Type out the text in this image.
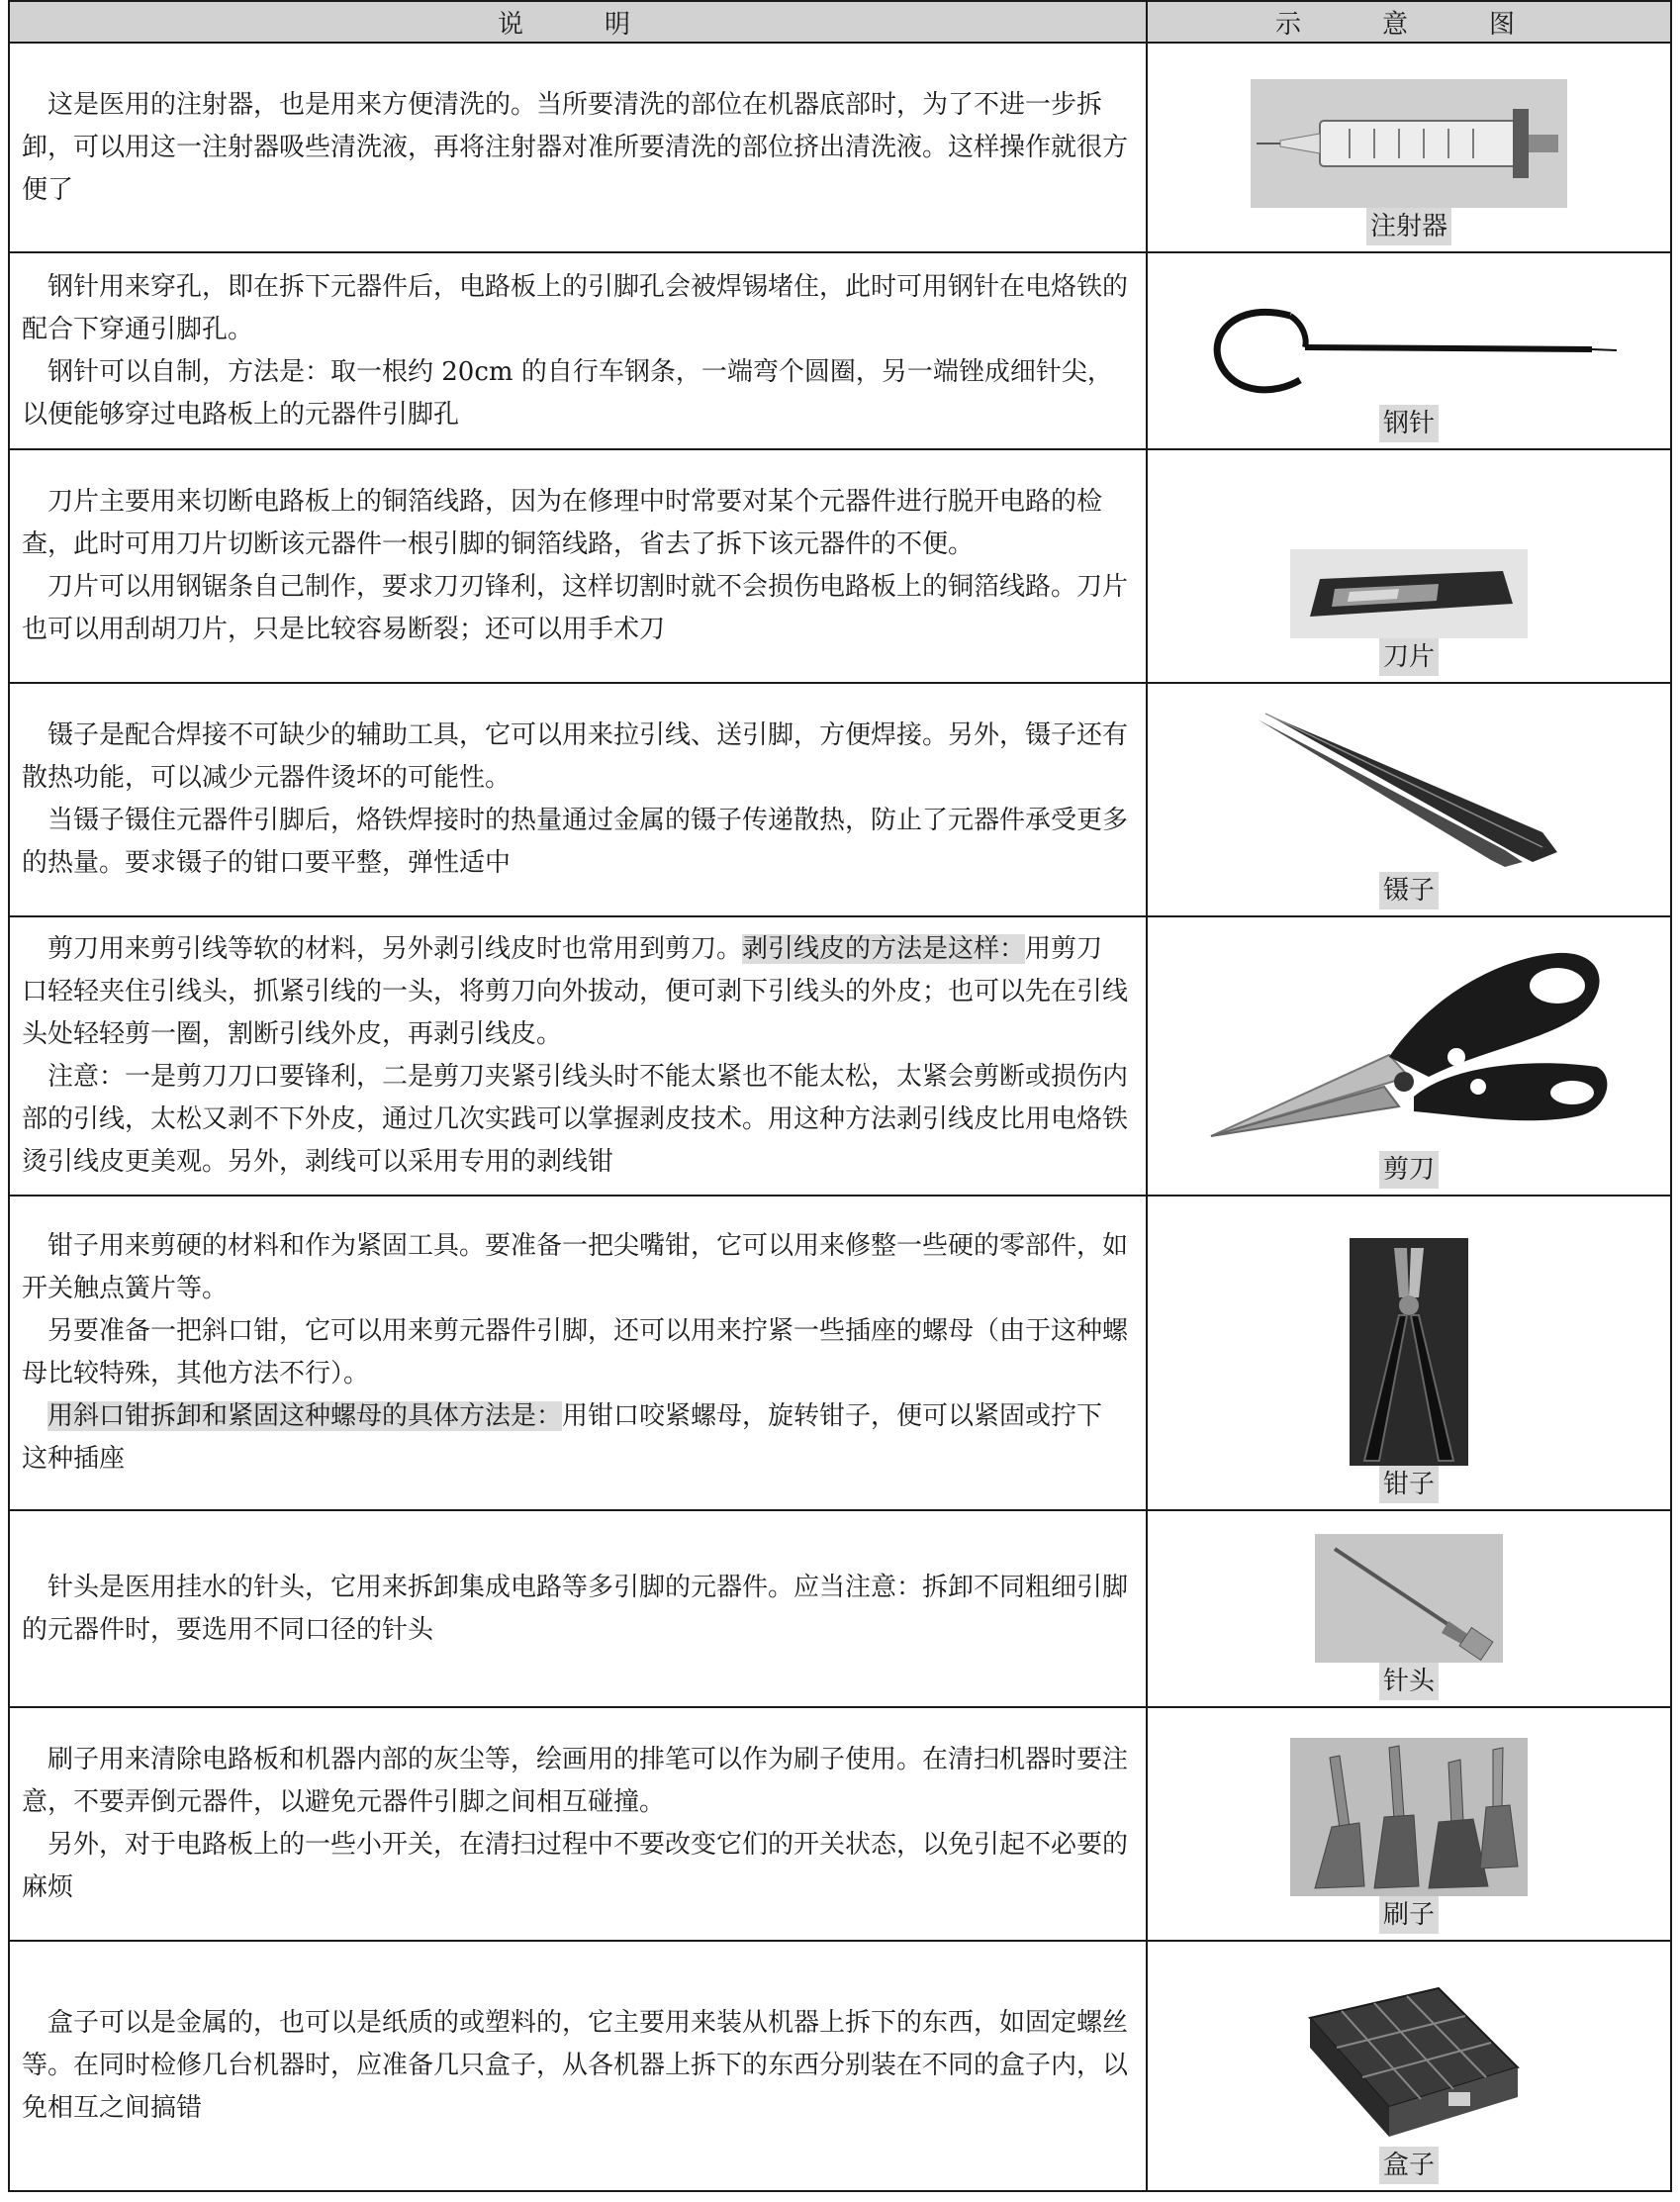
说　明	示　意　图

这是医用的注射器，也是用来方便清洗的。当所要清洗的部位在机器底部时，为了不进一步拆卸，可以用这一注射器吸些清洗液，再将注射器对准所要清洗的部位挤出清洗液。这样操作就很方便了	注射器

钢针用来穿孔，即在拆下元器件后，电路板上的引脚孔会被焊锡堵住，此时可用钢针在电烙铁的配合下穿通引脚孔。

钢针可以自制，方法是：取一根约 20cm 的自行车钢条，一端弯个圆圈，另一端锉成细针尖，以便能够穿过电路板上的元器件引脚孔	钢针

刀片主要用来切断电路板上的铜箔线路，因为在修理中时常要对某个元器件进行脱开电路的检查，此时可用刀片切断该元器件一根引脚的铜箔线路，省去了拆下该元器件的不便。

刀片可以用钢锯条自己制作，要求刀刃锋利，这样切割时就不会损伤电路板上的铜箔线路。刀片也可以用刮胡刀片，只是比较容易断裂；还可以用手术刀	刀片

镊子是配合焊接不可缺少的辅助工具，它可以用来拉引线、送引脚，方便焊接。另外，镊子还有散热功能，可以减少元器件烫坏的可能性。

当镊子镊住元器件引脚后，烙铁焊接时的热量通过金属的镊子传递散热，防止了元器件承受更多的热量。要求镊子的钳口要平整，弹性适中	镊子

剪刀用来剪引线等软的材料，另外剥引线皮时也常用到剪刀。剥引线皮的方法是这样：用剪刀口轻轻夹住引线头，抓紧引线的一头，将剪刀向外拔动，便可剥下引线头的外皮；也可以先在引线头处轻轻剪一圈，割断引线外皮，再剥引线皮。

注意：一是剪刀刀口要锋利，二是剪刀夹紧引线头时不能太紧也不能太松，太紧会剪断或损伤内部的引线，太松又剥不下外皮，通过几次实践可以掌握剥皮技术。用这种方法剥引线皮比用电烙铁烫引线皮更美观。另外，剥线可以采用专用的剥线钳	剪刀

钳子用来剪硬的材料和作为紧固工具。要准备一把尖嘴钳，它可以用来修整一些硬的零部件，如开关触点簧片等。

另要准备一把斜口钳，它可以用来剪元器件引脚，还可以用来拧紧一些插座的螺母（由于这种螺母比较特殊，其他方法不行）。

用斜口钳拆卸和紧固这种螺母的具体方法是：用钳口咬紧螺母，旋转钳子，便可以紧固或拧下这种插座	钳子

针头是医用挂水的针头，它用来拆卸集成电路等多引脚的元器件。应当注意：拆卸不同粗细引脚的元器件时，要选用不同口径的针头	针头

刷子用来清除电路板和机器内部的灰尘等，绘画用的排笔可以作为刷子使用。在清扫机器时要注意，不要弄倒元器件，以避免元器件引脚之间相互碰撞。

另外，对于电路板上的一些小开关，在清扫过程中不要改变它们的开关状态，以免引起不必要的麻烦	刷子

盒子可以是金属的，也可以是纸质的或塑料的，它主要用来装从机器上拆下的东西，如固定螺丝等。在同时检修几台机器时，应准备几只盒子，从各机器上拆下的东西分别装在不同的盒子内，以免相互之间搞错	盒子
